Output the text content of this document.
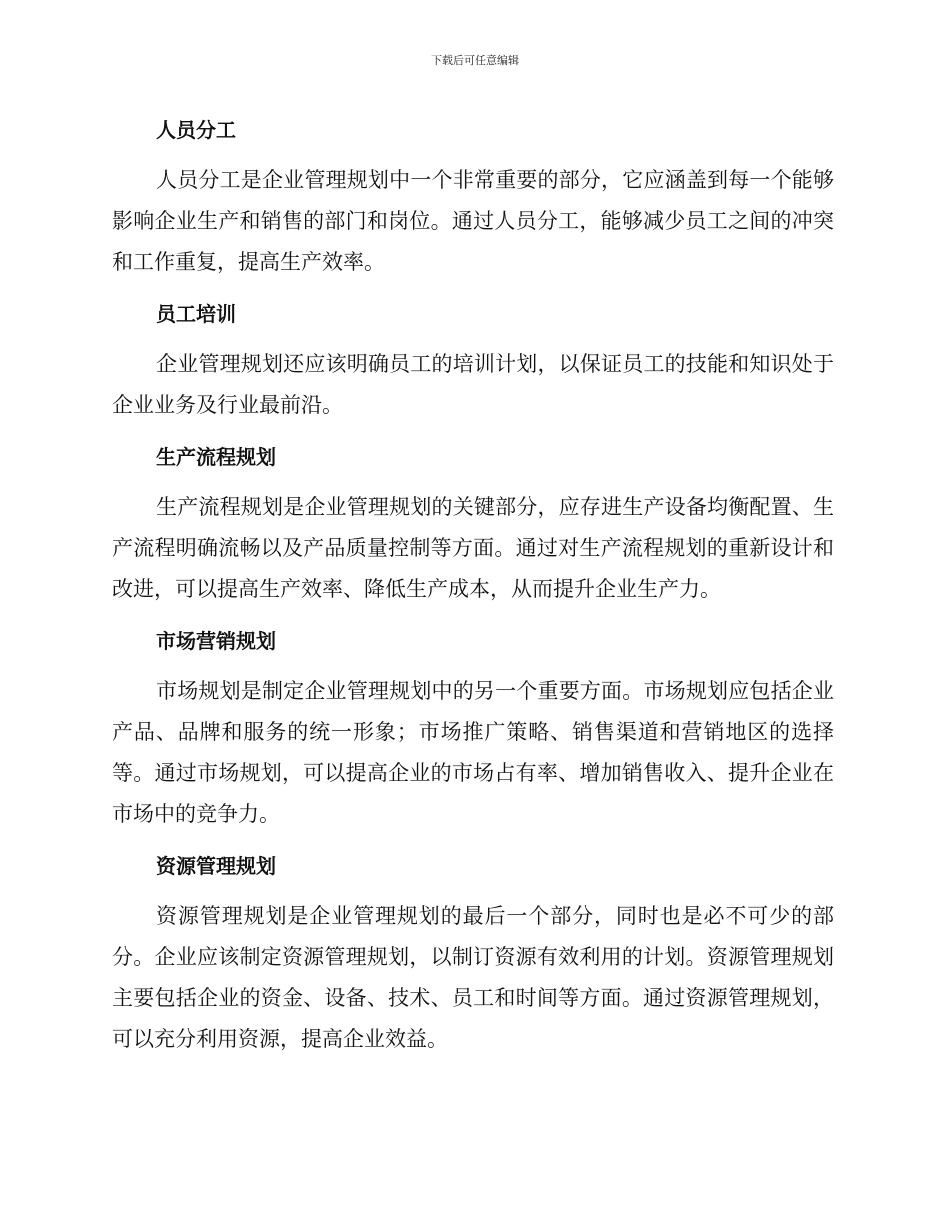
下载后可任意编辑
人员分工

人员分工是企业管理规划中一个非常重要的部分，它应涵盖到每一个能够影响企业生产和销售的部门和岗位。通过人员分工，能够减少员工之间的冲突和工作重复，提高生产效率。

员工培训

企业管理规划还应该明确员工的培训计划，以保证员工的技能和知识处于企业业务及行业最前沿。

生产流程规划

生产流程规划是企业管理规划的关键部分，应存进生产设备均衡配置、生产流程明确流畅以及产品质量控制等方面。通过对生产流程规划的重新设计和改进，可以提高生产效率、降低生产成本，从而提升企业生产力。

市场营销规划

市场规划是制定企业管理规划中的另一个重要方面。市场规划应包括企业产品、品牌和服务的统一形象；市场推广策略、销售渠道和营销地区的选择等。通过市场规划，可以提高企业的市场占有率、增加销售收入、提升企业在市场中的竞争力。

资源管理规划

资源管理规划是企业管理规划的最后一个部分，同时也是必不可少的部分。企业应该制定资源管理规划，以制订资源有效利用的计划。资源管理规划主要包括企业的资金、设备、技术、员工和时间等方面。通过资源管理规划，可以充分利用资源，提高企业效益。
